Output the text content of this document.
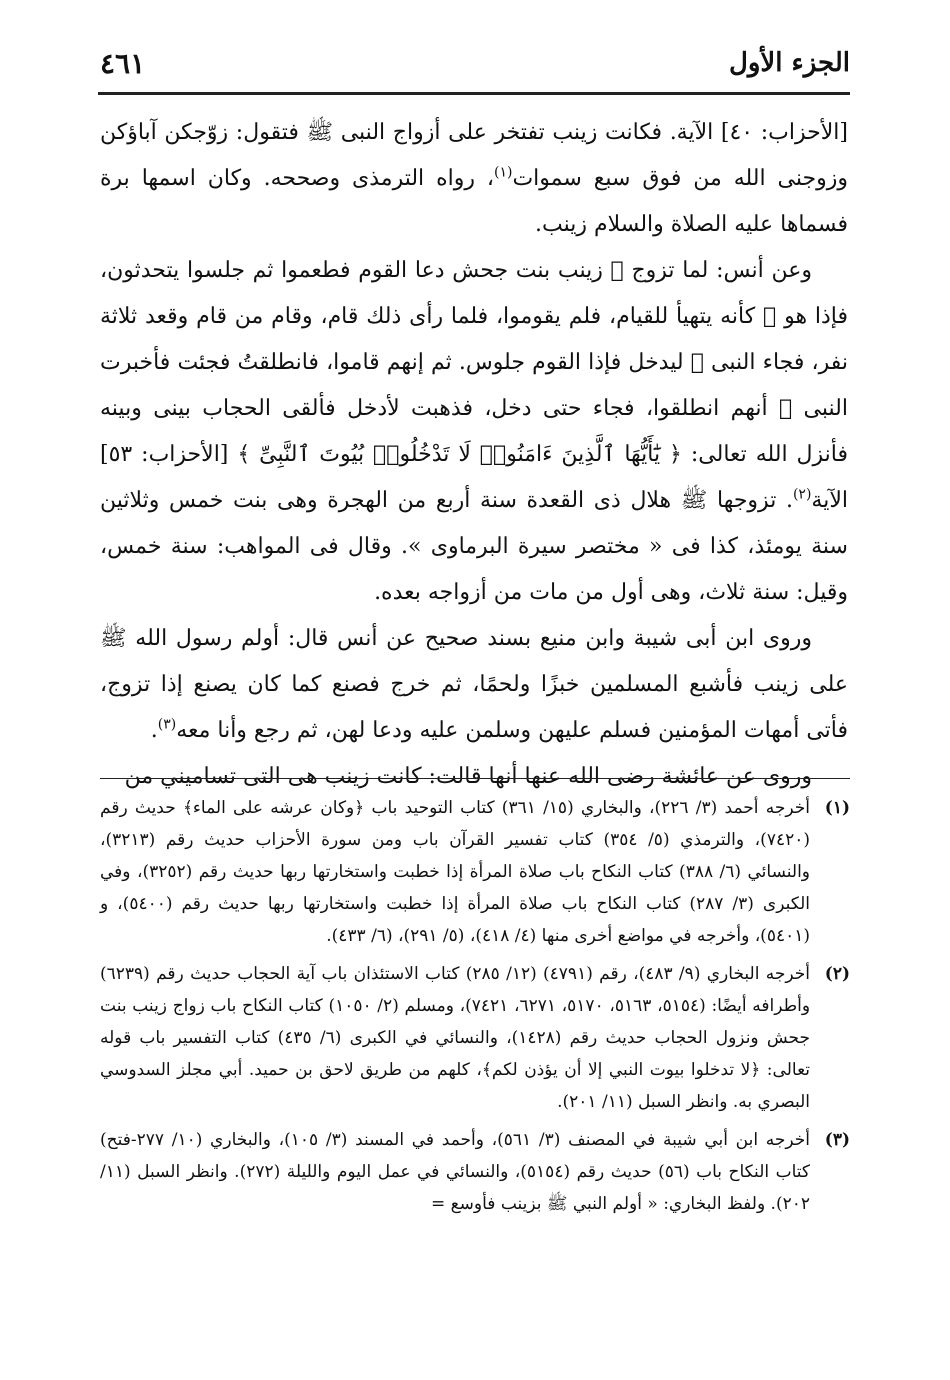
الجزء الأول
٤٦١

[الأحزاب: ٤٠] الآية. فكانت زينب تفتخر على أزواج النبى ﷺ فتقول: زوّجكن آباؤكن وزوجنى الله من فوق سبع سموات$^{(١)}$، رواه الترمذى وصححه. وكان اسمها برة فسماها عليه الصلاة والسلام زينب.

وعن أنس: لما تزوج ﷺ زينب بنت جحش دعا القوم فطعموا ثم جلسوا يتحدثون، فإذا هو ﷺ كأنه يتهيأ للقيام، فلم يقوموا، فلما رأى ذلك قام، وقام من قام وقعد ثلاثة نفر، فجاء النبى ﷺ ليدخل فإذا القوم جلوس. ثم إنهم قاموا، فانطلقتُ فجئت فأخبرت النبى ﷺ أنهم انطلقوا، فجاء حتى دخل، فذهبت لأدخل فألقى الحجاب بينى وبينه فأنزل الله تعالى: ﴿ يَٰٓأَيُّهَا ٱلَّذِينَ ءَامَنُوا۟ لَا تَدْخُلُوا۟ بُيُوتَ ٱلنَّبِىِّ ﴾ [الأحزاب: ٥٣] الآية$^{(٢)}$. تزوجها ﷺ هلال ذى القعدة سنة أربع من الهجرة وهى بنت خمس وثلاثين سنة يومئذ، كذا فى « مختصر سيرة البرماوى ». وقال فى المواهب: سنة خمس، وقيل: سنة ثلاث، وهى أول من مات من أزواجه بعده.

وروى ابن أبى شيبة وابن منيع بسند صحيح عن أنس قال: أولم رسول الله ﷺ على زينب فأشبع المسلمين خبزًا ولحمًا، ثم خرج فصنع كما كان يصنع إذا تزوج، فأتى أمهات المؤمنين فسلم عليهن وسلمن عليه ودعا لهن، ثم رجع وأنا معه$^{(٣)}$.

وروى عن عائشة رضى الله عنها أنها قالت: كانت زينب هى التى تساميني من

(١)
أخرجه أحمد (٣/ ٢٢٦)، والبخاري (١٥/ ٣٦١) كتاب التوحيد باب ﴿وكان عرشه على الماء﴾ حديث رقم (٧٤٢٠)، والترمذي (٥/ ٣٥٤) كتاب تفسير القرآن باب ومن سورة الأحزاب حديث رقم (٣٢١٣)، والنسائي (٦/ ٣٨٨) كتاب النكاح باب صلاة المرأة إذا خطبت واستخارتها ربها حديث رقم (٣٢٥٢)، وفي الكبرى (٣/ ٢٨٧) كتاب النكاح باب صلاة المرأة إذا خطبت واستخارتها ربها حديث رقم (٥٤٠٠)، و (٥٤٠١)، وأخرجه في مواضع أخرى منها (٤/ ٤١٨)، (٥/ ٢٩١)، (٦/ ٤٣٣).
(٢)
أخرجه البخاري (٩/ ٤٨٣)، رقم (٤٧٩١) (١٢/ ٢٨٥) كتاب الاستئذان باب آية الحجاب حديث رقم (٦٢٣٩) وأطرافه أيضًا: (٥١٥٤، ٥١٦٣، ٥١٧٠، ٦٢٧١، ٧٤٢١)، ومسلم (٢/ ١٠٥٠) كتاب النكاح باب زواج زينب بنت جحش ونزول الحجاب حديث رقم (١٤٢٨)، والنسائي في الكبرى (٦/ ٤٣٥) كتاب التفسير باب قوله تعالى: ﴿لا تدخلوا بيوت النبي إلا أن يؤذن لكم﴾، كلهم من طريق لاحق بن حميد. أبي مجلز السدوسي البصري به. وانظر السبل (١١/ ٢٠١).
(٣)
أخرجه ابن أبي شيبة في المصنف (٣/ ٥٦١)، وأحمد في المسند (٣/ ١٠٥)، والبخاري (١٠/ ٢٧٧-فتح) كتاب النكاح باب (٥٦) حديث رقم (٥١٥٤)، والنسائي في عمل اليوم والليلة (٢٧٢). وانظر السبل (١١/ ٢٠٢). ولفظ البخاري: « أولم النبي ﷺ بزينب فأوسع =
